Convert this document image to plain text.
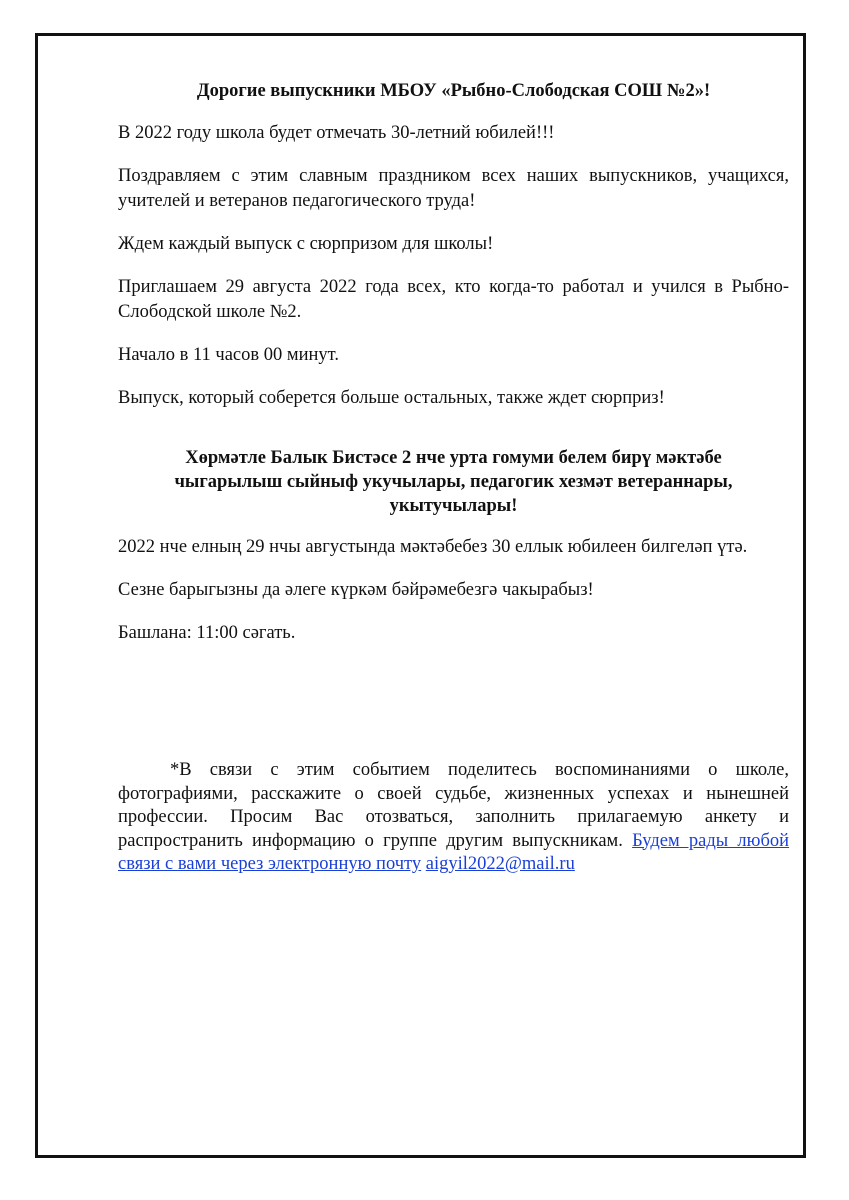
Дорогие выпускники МБОУ «Рыбно-Слободская СОШ №2»!

В 2022 году школа будет отмечать 30-летний юбилей!!!

Поздравляем с этим славным праздником всех наших выпускников, учащихся, учителей и ветеранов педагогического труда!

Ждем каждый выпуск с сюрпризом для школы!

Приглашаем 29 августа 2022 года всех, кто когда-то работал и учился в Рыбно-Слободской школе №2.

Начало в 11 часов 00 минут.

Выпуск, который соберется больше остальных, также ждет сюрприз!

Хөрмәтле Балык Бистәсе 2 нче урта гомуми белем бирү мәктәбе
чыгарылыш сыйныф укучылары, педагогик хезмәт ветераннары,
укытучылары!

2022 нче елның 29 нчы августында мәктәбебез 30 еллык юбилеен билгеләп үтә.

Сезне барыгызны да әлеге күркәм бәйрәмебезгә чакырабыз!

Башлана: 11:00 сәгать.

*В связи с этим событием поделитесь воспоминаниями о школе, фотографиями, расскажите о своей судьбе, жизненных успехах и нынешней профессии. Просим Вас отозваться, заполнить прилагаемую анкету и распространить информацию о группе другим выпускникам. Будем рады любой связи с вами через электронную почту aigyil2022@mail.ru
